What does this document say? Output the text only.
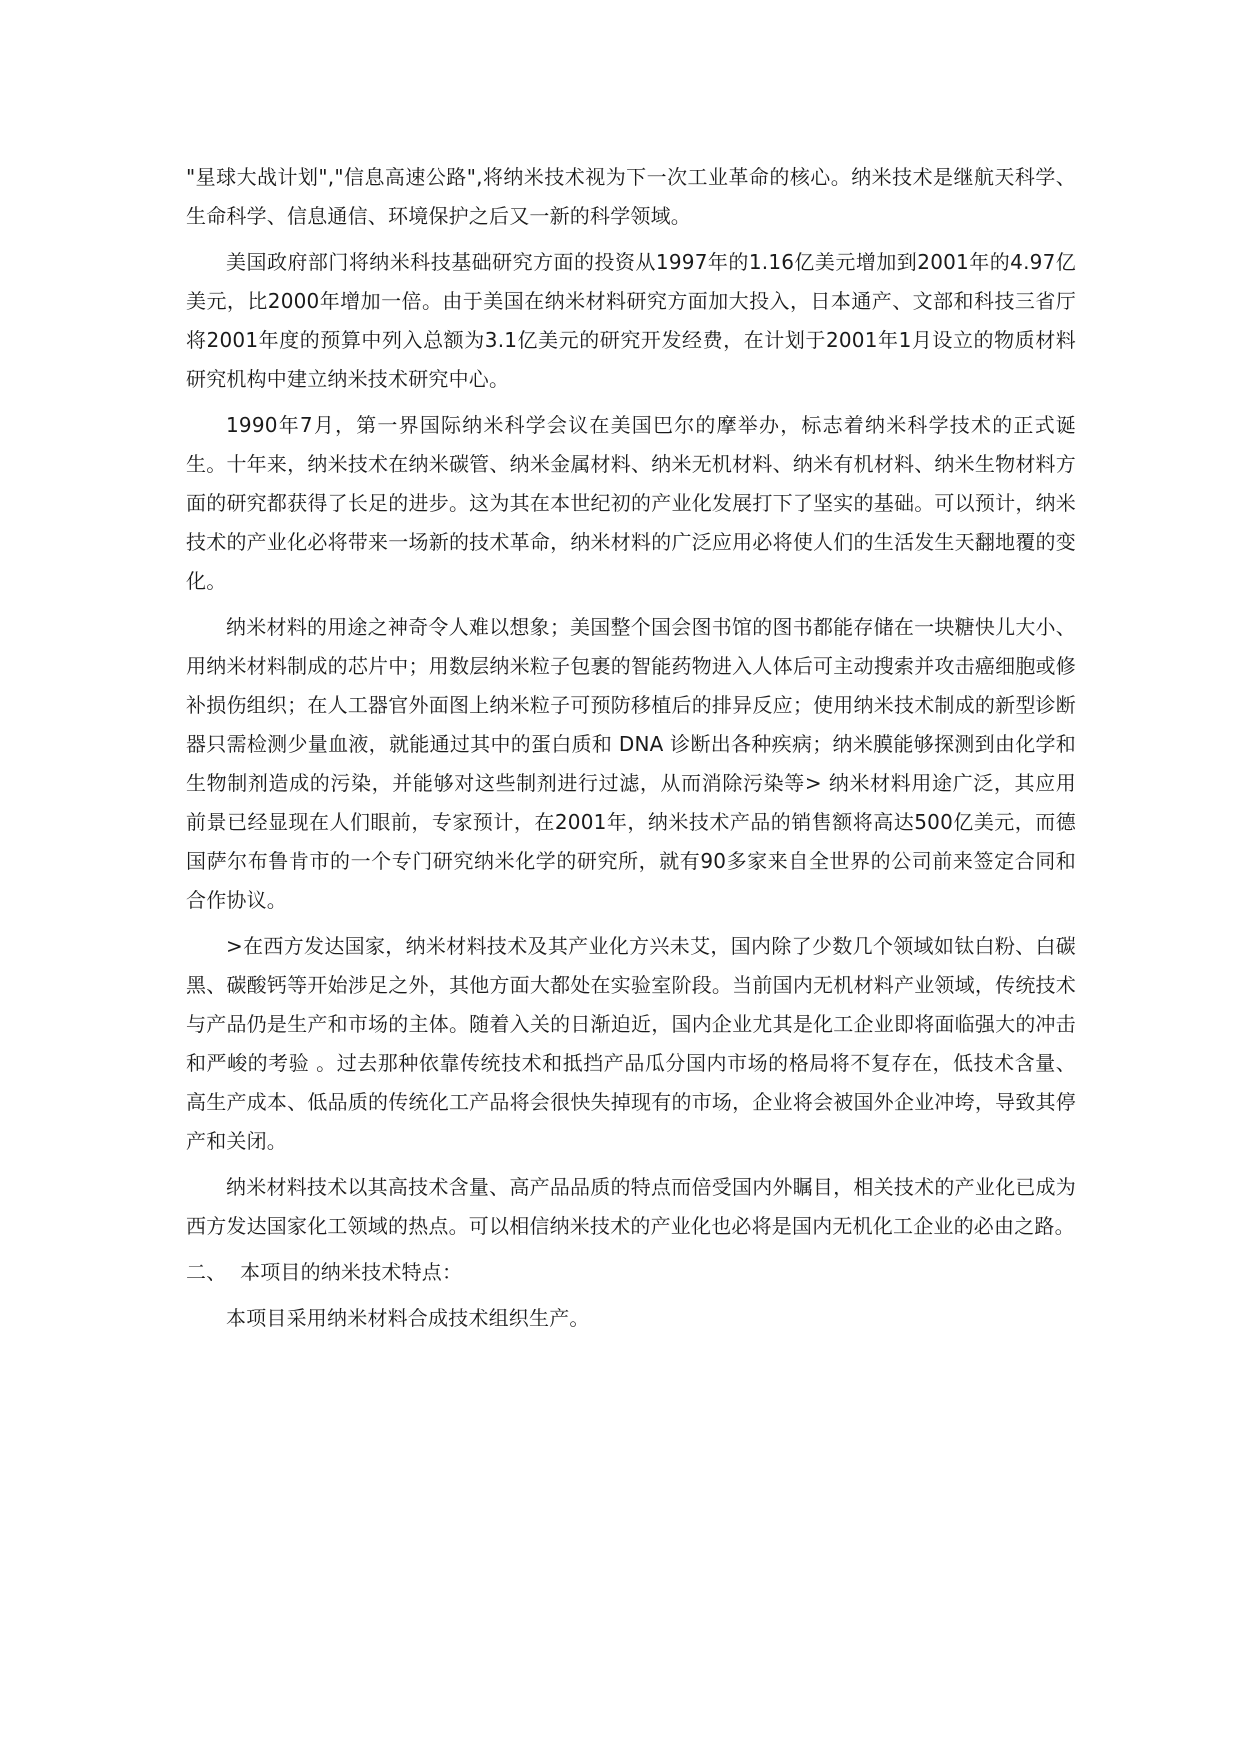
"星球大战计划","信息高速公路",将纳米技术视为下一次工业革命的核心。纳米技术是继航天科学、生命科学、信息通信、环境保护之后又一新的科学领域。

美国政府部门将纳米科技基础研究方面的投资从1997年的1.16亿美元增加到2001年的4.97亿美元，比2000年增加一倍。由于美国在纳米材料研究方面加大投入，日本通产、文部和科技三省厅将2001年度的预算中列入总额为3.1亿美元的研究开发经费，在计划于2001年1月设立的物质材料研究机构中建立纳米技术研究中心。

1990年7月，第一界国际纳米科学会议在美国巴尔的摩举办，标志着纳米科学技术的正式诞生。十年来，纳米技术在纳米碳管、纳米金属材料、纳米无机材料、纳米有机材料、纳米生物材料方面的研究都获得了长足的进步。这为其在本世纪初的产业化发展打下了坚实的基础。可以预计，纳米技术的产业化必将带来一场新的技术革命，纳米材料的广泛应用必将使人们的生活发生天翻地覆的变化。

纳米材料的用途之神奇令人难以想象；美国整个国会图书馆的图书都能存储在一块糖快儿大小、用纳米材料制成的芯片中；用数层纳米粒子包裹的智能药物进入人体后可主动搜索并攻击癌细胞或修补损伤组织；在人工器官外面图上纳米粒子可预防移植后的排异反应；使用纳米技术制成的新型诊断器只需检测少量血液，就能通过其中的蛋白质和 DNA 诊断出各种疾病；纳米膜能够探测到由化学和生物制剂造成的污染，并能够对这些制剂进行过滤，从而消除污染等> 纳米材料用途广泛，其应用前景已经显现在人们眼前，专家预计，在2001年，纳米技术产品的销售额将高达500亿美元，而德国萨尔布鲁肯市的一个专门研究纳米化学的研究所，就有90多家来自全世界的公司前来签定合同和合作协议。

>在西方发达国家，纳米材料技术及其产业化方兴未艾，国内除了少数几个领域如钛白粉、白碳黑、碳酸钙等开始涉足之外，其他方面大都处在实验室阶段。当前国内无机材料产业领域，传统技术与产品仍是生产和市场的主体。随着入关的日渐迫近，国内企业尤其是化工企业即将面临强大的冲击和严峻的考验 。过去那种依靠传统技术和抵挡产品瓜分国内市场的格局将不复存在，低技术含量、高生产成本、低品质的传统化工产品将会很快失掉现有的市场，企业将会被国外企业冲垮，导致其停产和关闭。

纳米材料技术以其高技术含量、高产品品质的特点而倍受国内外瞩目，相关技术的产业化已成为西方发达国家化工领域的热点。可以相信纳米技术的产业化也必将是国内无机化工企业的必由之路。

二、 本项目的纳米技术特点：

本项目采用纳米材料合成技术组织生产。
